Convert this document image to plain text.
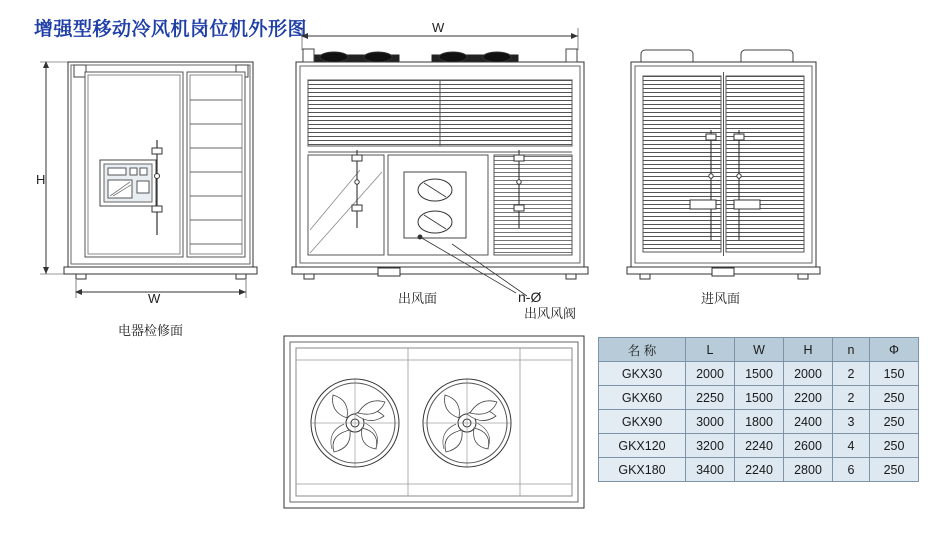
增强型移动冷风机岗位机外形图
H
W
W
电器检修面
出风面	进风面
n-Ø
出风风阀
名 称	L	W	H	n	Φ
GKX30	2000	1500	2000	2	150
GKX60	2250	1500	2200	2	250
GKX90	3000	1800	2400	3	250
GKX120	3200	2240	2600	4	250
GKX180	3400	2240	2800	6	250
